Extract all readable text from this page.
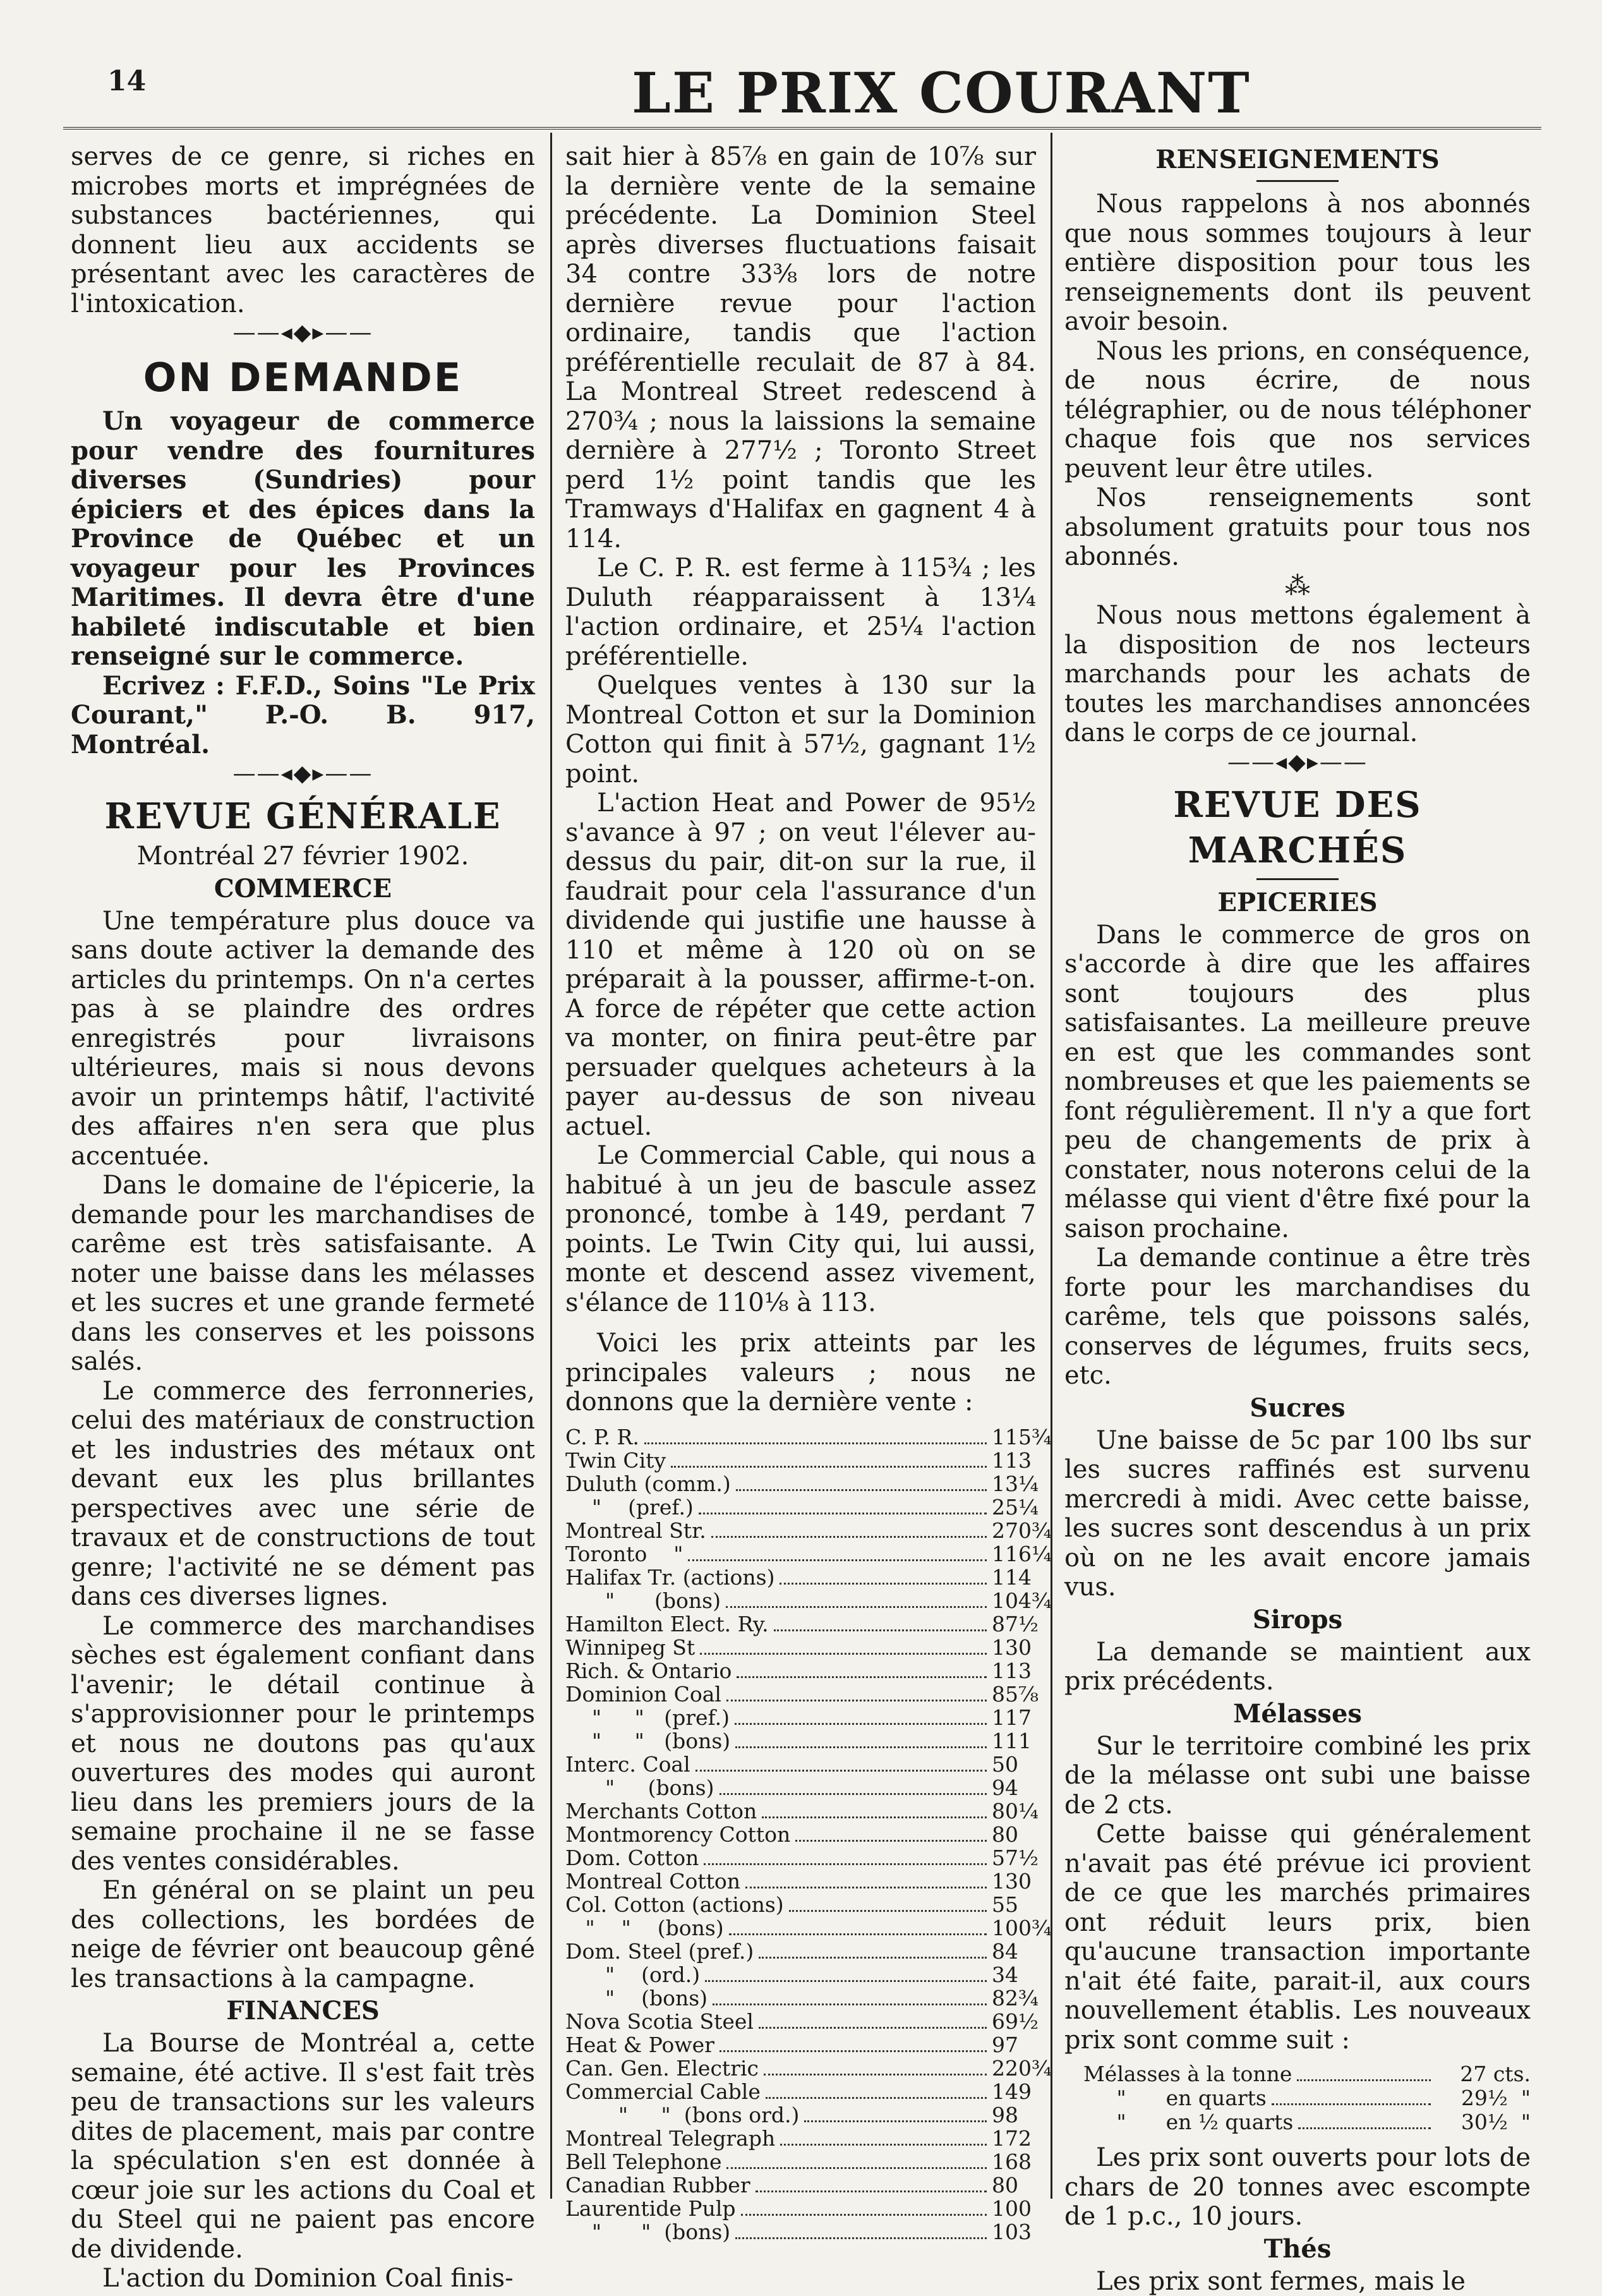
14	LE PRIX COURANT

serves de ce genre, si riches en microbes morts et imprégnées de substances bactériennes, qui donnent lieu aux accidents se présentant avec les caractères de l'intoxication.

——◂◆▸——
ON DEMANDE

Un voyageur de commerce pour vendre des fournitures diverses (Sundries) pour épiciers et des épices dans la Province de Québec et un voyageur pour les Provinces Maritimes. Il devra être d'une habileté indiscutable et bien renseigné sur le commerce.

Ecrivez : F.F.D., Soins "Le Prix Courant," P.-O. B. 917, Montréal.

——◂◆▸——
REVUE GÉNÉRALE
Montréal 27 février 1902.
COMMERCE

Une température plus douce va sans doute activer la demande des articles du printemps. On n'a certes pas à se plaindre des ordres enregistrés pour livraisons ultérieures, mais si nous devons avoir un printemps hâtif, l'activité des affaires n'en sera que plus accentuée.

Dans le domaine de l'épicerie, la demande pour les marchandises de carême est très satisfaisante. A noter une baisse dans les mélasses et les sucres et une grande fermeté dans les conserves et les poissons salés.

Le commerce des ferronneries, celui des matériaux de construction et les industries des métaux ont devant eux les plus brillantes perspectives avec une série de travaux et de constructions de tout genre; l'activité ne se dément pas dans ces diverses lignes.

Le commerce des marchandises sèches est également confiant dans l'avenir; le détail continue à s'approvisionner pour le printemps et nous ne doutons pas qu'aux ouvertures des modes qui auront lieu dans les premiers jours de la semaine prochaine il ne se fasse des ventes considérables.

En général on se plaint un peu des collections, les bordées de neige de février ont beaucoup gêné les transactions à la campagne.

FINANCES

La Bourse de Montréal a, cette semaine, été active. Il s'est fait très peu de transactions sur les valeurs dites de placement, mais par contre la spéculation s'en est donnée à cœur joie sur les actions du Coal et du Steel qui ne paient pas encore de dividende.

L'action du Dominion Coal finis-

sait hier à 85⅞ en gain de 10⅞ sur la dernière vente de la semaine précédente. La Dominion Steel après diverses fluctuations faisait 34 contre 33⅜ lors de notre dernière revue pour l'action ordinaire, tandis que l'action préférentielle reculait de 87 à 84. La Montreal Street redescend à 270¾ ; nous la laissions la semaine dernière à 277½ ; Toronto Street perd 1½ point tandis que les Tramways d'Halifax en gagnent 4 à 114.

Le C. P. R. est ferme à 115¾ ; les Duluth réapparaissent à 13¼ l'action ordinaire, et 25¼ l'action préférentielle.

Quelques ventes à 130 sur la Montreal Cotton et sur la Dominion Cotton qui finit à 57½, gagnant 1½ point.

L'action Heat and Power de 95½ s'avance à 97 ; on veut l'élever au-dessus du pair, dit-on sur la rue, il faudrait pour cela l'assurance d'un dividende qui justifie une hausse à 110 et même à 120 où on se préparait à la pousser, affirme-t-on. A force de répéter que cette action va monter, on finira peut-être par persuader quelques acheteurs à la payer au-dessus de son niveau actuel.

Le Commercial Cable, qui nous a habitué à un jeu de bascule assez prononcé, tombe à 149, perdant 7 points. Le Twin City qui, lui aussi, monte et descend assez vivement, s'élance de 110⅛ à 113.

Voici les prix atteints par les principales valeurs ; nous ne donnons que la dernière vente :

C. P. R.	115¾
Twin City	113
Duluth (comm.)	13¼
"    (pref.)	25¼
Montreal Str.	270¾
Toronto    "	116¼
Halifax Tr. (actions)	114
"      (bons)	104¾
Hamilton Elect. Ry.	87½
Winnipeg St	130
Rich. & Ontario	113
Dominion Coal	85⅞
"     "   (pref.)	117
"     "   (bons)	111
Interc. Coal	50
"     (bons)	94
Merchants Cotton	80¼
Montmorency Cotton	80
Dom. Cotton	57½
Montreal Cotton	130
Col. Cotton (actions)	55
"    "    (bons)	100¾
Dom. Steel (pref.)	84
"    (ord.)	34
"    (bons)	82¾
Nova Scotia Steel	69½
Heat & Power	97
Can. Gen. Electric	220¾
Commercial Cable	149
"     "  (bons ord.)	98
Montreal Telegraph	172
Bell Telephone	168
Canadian Rubber	80
Laurentide Pulp	100
"      "  (bons)	103
RENSEIGNEMENTS

Nous rappelons à nos abonnés que nous sommes toujours à leur entière disposition pour tous les renseignements dont ils peuvent avoir besoin.

Nous les prions, en conséquence, de nous écrire, de nous télégraphier, ou de nous téléphoner chaque fois que nos services peuvent leur être utiles.

Nos renseignements sont absolument gratuits pour tous nos abonnés.

⁂

Nous nous mettons également à la disposition de nos lecteurs marchands pour les achats de toutes les marchandises annoncées dans le corps de ce journal.

——◂◆▸——
REVUE DES MARCHÉS
EPICERIES

Dans le commerce de gros on s'accorde à dire que les affaires sont toujours des plus satisfaisantes. La meilleure preuve en est que les commandes sont nombreuses et que les paiements se font régulièrement. Il n'y a que fort peu de changements de prix à constater, nous noterons celui de la mélasse qui vient d'être fixé pour la saison prochaine.

La demande continue a être très forte pour les marchandises du carême, tels que poissons salés, conserves de légumes, fruits secs, etc.

Sucres

Une baisse de 5c par 100 lbs sur les sucres raffinés est survenu mercredi à midi. Avec cette baisse, les sucres sont descendus à un prix où on ne les avait encore jamais vus.

Sirops

La demande se maintient aux prix précédents.

Mélasses

Sur le territoire combiné les prix de la mélasse ont subi une baisse de 2 cts.

Cette baisse qui généralement n'avait pas été prévue ici provient de ce que les marchés primaires ont réduit leurs prix, bien qu'aucune transaction importante n'ait été faite, parait-il, aux cours nouvellement établis. Les nouveaux prix sont comme suit :

Mélasses à la tonne	27 cts.
"      en quarts	29½  "
"      en ½ quarts	30½  "

Les prix sont ouverts pour lots de chars de 20 tonnes avec escompte de 1 p.c., 10 jours.

Thés

Les prix sont fermes, mais le
